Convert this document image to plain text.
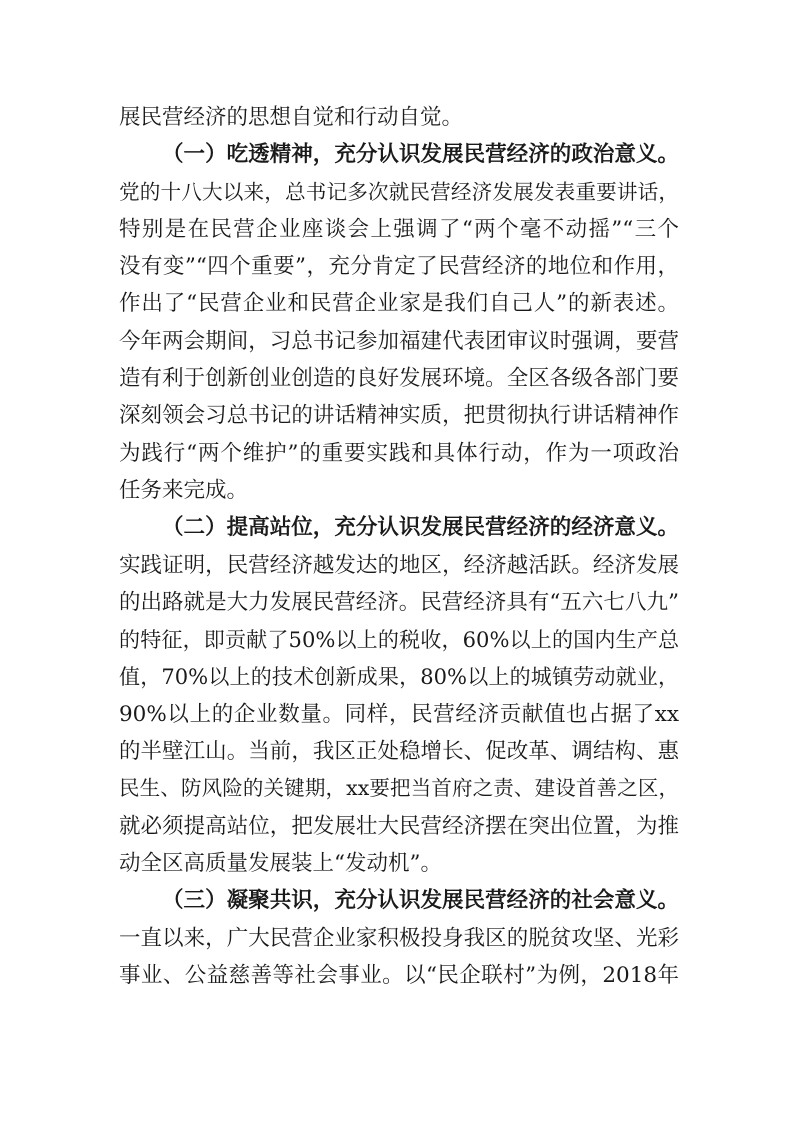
展民营经济的思想自觉和行动自觉。
（一）吃透精神，充分认识发展民营经济的政治意义。
党的十八大以来，总书记多次就民营经济发展发表重要讲话，
特别是在民营企业座谈会上强调了“两个毫不动摇”“三个
没有变”“四个重要”，充分肯定了民营经济的地位和作用，
作出了“民营企业和民营企业家是我们自己人”的新表述。
今年两会期间，习总书记参加福建代表团审议时强调，要营
造有利于创新创业创造的良好发展环境。全区各级各部门要
深刻领会习总书记的讲话精神实质，把贯彻执行讲话精神作
为践行“两个维护”的重要实践和具体行动，作为一项政治
任务来完成。
（二）提高站位，充分认识发展民营经济的经济意义。
实践证明，民营经济越发达的地区，经济越活跃。经济发展
的出路就是大力发展民营经济。民营经济具有“五六七八九”
的特征，即贡献了50%以上的税收，60%以上的国内生产总
值，70%以上的技术创新成果，80%以上的城镇劳动就业，
90%以上的企业数量。同样，民营经济贡献值也占据了xx
的半壁江山。当前，我区正处稳增长、促改革、调结构、惠
民生、防风险的关键期，xx要把当首府之责、建设首善之区，
就必须提高站位，把发展壮大民营经济摆在突出位置，为推
动全区高质量发展装上“发动机”。
（三）凝聚共识，充分认识发展民营经济的社会意义。
一直以来，广大民营企业家积极投身我区的脱贫攻坚、光彩
事业、公益慈善等社会事业。以“民企联村”为例，2018年
